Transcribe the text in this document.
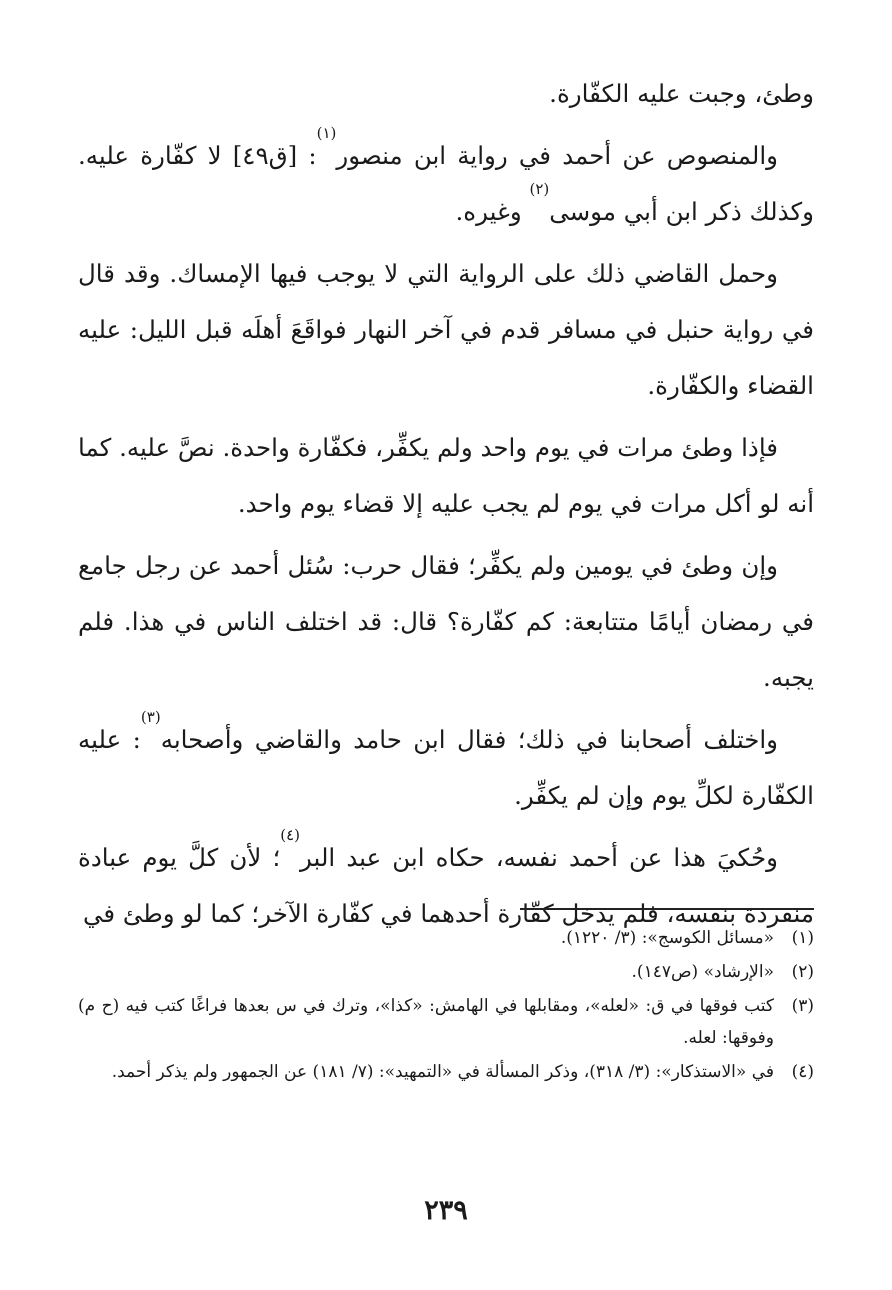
وطئ، وجبت عليه الكفّارة.

والمنصوص عن أحمد في رواية ابن منصور$^{(١)}$: [ق٤٩] لا كفّارة عليه. وكذلك ذكر ابن أبي موسى$^{(٢)}$ وغيره.

وحمل القاضي ذلك على الرواية التي لا يوجب فيها الإمساك. وقد قال في رواية حنبل في مسافر قدم في آخر النهار فواقَعَ أهلَه قبل الليل: عليه القضاء والكفّارة.

فإذا وطئ مرات في يوم واحد ولم يكفِّر، فكفّارة واحدة. نصَّ عليه. كما أنه لو أكل مرات في يوم لم يجب عليه إلا قضاء يوم واحد.

وإن وطئ في يومين ولم يكفِّر؛ فقال حرب: سُئل أحمد عن رجل جامع في رمضان أيامًا متتابعة: كم كفّارة؟ قال: قد اختلف الناس في هذا. فلم يجبه.

واختلف أصحابنا في ذلك؛ فقال ابن حامد والقاضي وأصحابه$^{(٣)}$: عليه الكفّارة لكلِّ يوم وإن لم يكفِّر.

وحُكيَ هذا عن أحمد نفسه، حكاه ابن عبد البر$^{(٤)}$؛ لأن كلَّ يوم عبادة منفردة بنفسه، فلم يدخل كفّارة أحدهما في كفّارة الآخر؛ كما لو وطئ في

(١)
«مسائل الكوسج»: (٣/ ١٢٢٠).
(٢)
«الإرشاد» (ص١٤٧).
(٣)
كتب فوقها في ق: «لعله»، ومقابلها في الهامش: «كذا»، وترك في س بعدها فراغًا كتب فيه (ح م) وفوقها: لعله.
(٤)
في «الاستذكار»: (٣/ ٣١٨)، وذكر المسألة في «التمهيد»: (٧/ ١٨١) عن الجمهور ولم يذكر أحمد.
٢٣٩
